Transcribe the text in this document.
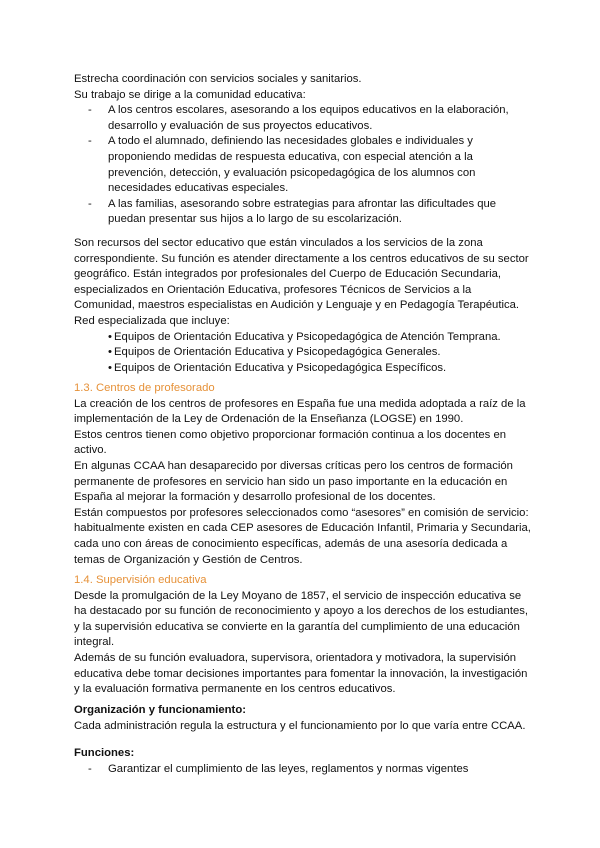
Estrecha coordinación con servicios sociales y sanitarios.

Su trabajo se dirige a la comunidad educativa:

- A los centros escolares, asesorando a los equipos educativos en la elaboración, desarrollo y evaluación de sus proyectos educativos.
- A todo el alumnado, definiendo las necesidades globales e individuales y proponiendo medidas de respuesta educativa, con especial atención a la prevención, detección, y evaluación psicopedagógica de los alumnos con necesidades educativas especiales.
- A las familias, asesorando sobre estrategias para afrontar las dificultades que puedan presentar sus hijos a lo largo de su escolarización.

Son recursos del sector educativo que están vinculados a los servicios de la zona correspondiente. Su función es atender directamente a los centros educativos de su sector geográfico. Están integrados por profesionales del Cuerpo de Educación Secundaria, especializados en Orientación Educativa, profesores Técnicos de Servicios a la Comunidad, maestros especialistas en Audición y Lenguaje y en Pedagogía Terapéutica.

Red especializada que incluye:

• Equipos de Orientación Educativa y Psicopedagógica de Atención Temprana.
• Equipos de Orientación Educativa y Psicopedagógica Generales.
• Equipos de Orientación Educativa y Psicopedagógica Específicos.
1.3. Centros de profesorado

La creación de los centros de profesores en España fue una medida adoptada a raíz de la implementación de la Ley de Ordenación de la Enseñanza (LOGSE) en 1990.

Estos centros tienen como objetivo proporcionar formación continua a los docentes en activo.

En algunas CCAA han desaparecido por diversas críticas pero los centros de formación permanente de profesores en servicio han sido un paso importante en la educación en España al mejorar la formación y desarrollo profesional de los docentes.

Están compuestos por profesores seleccionados como “asesores” en comisión de servicio: habitualmente existen en cada CEP asesores de Educación Infantil, Primaria y Secundaria, cada uno con áreas de conocimiento específicas, además de una asesoría dedicada a temas de Organización y Gestión de Centros.

1.4. Supervisión educativa

Desde la promulgación de la Ley Moyano de 1857, el servicio de inspección educativa se ha destacado por su función de reconocimiento y apoyo a los derechos de los estudiantes, y la supervisión educativa se convierte en la garantía del cumplimiento de una educación integral.

Además de su función evaluadora, supervisora, orientadora y motivadora, la supervisión educativa debe tomar decisiones importantes para fomentar la innovación, la investigación y la evaluación formativa permanente en los centros educativos.

Organización y funcionamiento:

Cada administración regula la estructura y el funcionamiento por lo que varía entre CCAA.

Funciones:
- Garantizar el cumplimiento de las leyes, reglamentos y normas vigentes
